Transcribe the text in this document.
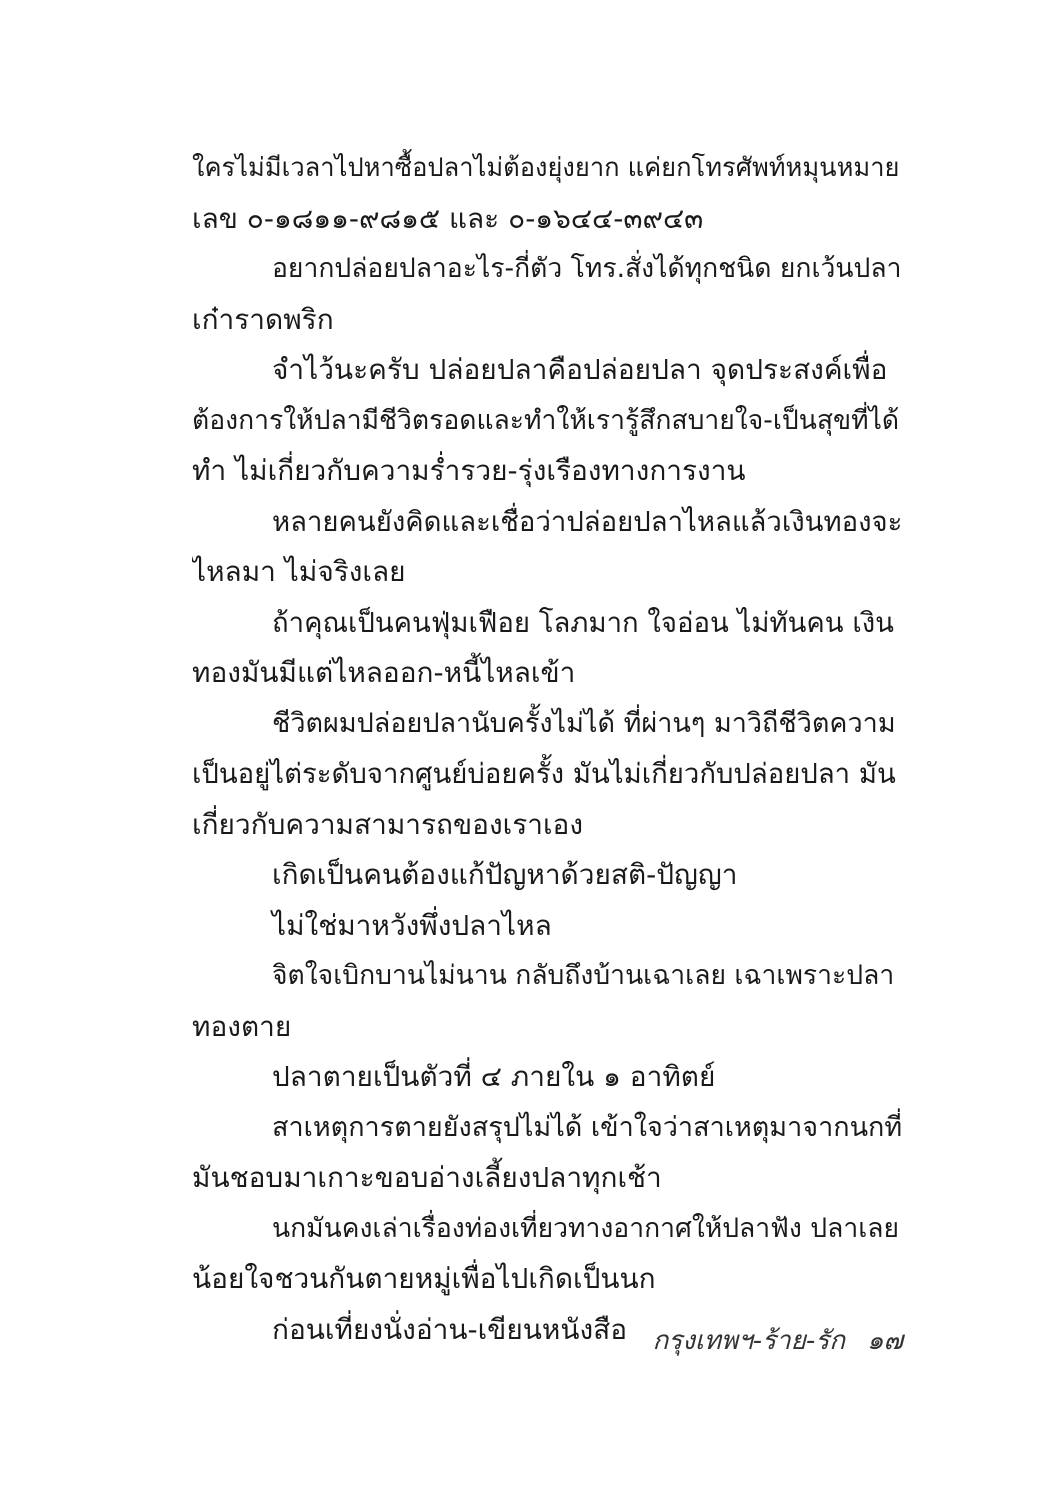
ใครไม่มีเวลาไปหาซื้อปลาไม่ต้องยุ่งยาก แค่ยกโทรศัพท์หมุนหมาย
เลข ๐-๑๘๑๑-๙๘๑๕ และ ๐-๑๖๔๔-๓๙๔๓
อยากปล่อยปลาอะไร-กี่ตัว โทร.สั่งได้ทุกชนิด ยกเว้นปลา
เก๋าราดพริก
จำไว้นะครับ ปล่อยปลาคือปล่อยปลา จุดประสงค์เพื่อ
ต้องการให้ปลามีชีวิตรอดและทำให้เรารู้สึกสบายใจ-เป็นสุขที่ได้
ทำ ไม่เกี่ยวกับความร่ำรวย-รุ่งเรืองทางการงาน
หลายคนยังคิดและเชื่อว่าปล่อยปลาไหลแล้วเงินทองจะ
ไหลมา ไม่จริงเลย
ถ้าคุณเป็นคนฟุ่มเฟือย โลภมาก ใจอ่อน ไม่ทันคน เงิน
ทองมันมีแต่ไหลออก-หนี้ไหลเข้า
ชีวิตผมปล่อยปลานับครั้งไม่ได้ ที่ผ่านๆ มาวิถีชีวิตความ
เป็นอยู่ไต่ระดับจากศูนย์บ่อยครั้ง มันไม่เกี่ยวกับปล่อยปลา มัน
เกี่ยวกับความสามารถของเราเอง
เกิดเป็นคนต้องแก้ปัญหาด้วยสติ-ปัญญา
ไม่ใช่มาหวังพึ่งปลาไหล
จิตใจเบิกบานไม่นาน กลับถึงบ้านเฉาเลย เฉาเพราะปลา
ทองตาย
ปลาตายเป็นตัวที่ ๔ ภายใน ๑ อาทิตย์
สาเหตุการตายยังสรุปไม่ได้ เข้าใจว่าสาเหตุมาจากนกที่
มันชอบมาเกาะขอบอ่างเลี้ยงปลาทุกเช้า
นกมันคงเล่าเรื่องท่องเที่ยวทางอากาศให้ปลาฟัง ปลาเลย
น้อยใจชวนกันตายหมู่เพื่อไปเกิดเป็นนก
ก่อนเที่ยงนั่งอ่าน-เขียนหนังสือ กรุงเทพฯ-ร้าย-รัก ๑๗
